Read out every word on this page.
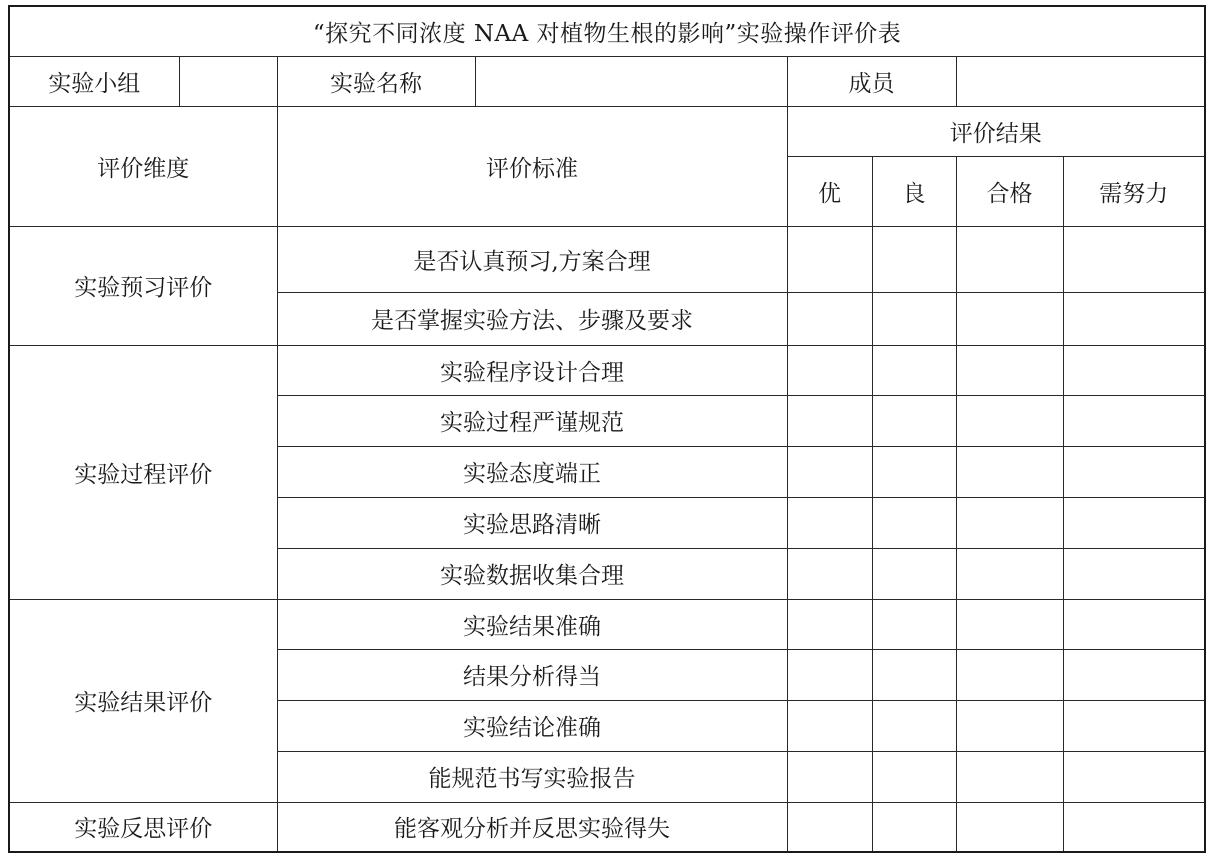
“探究不同浓度 NAA 对植物生根的影响”实验操作评价表							
实验小组		实验名称		成员			
评价维度		评价标准		评价结果			
				优	良	合格	需努力
实验预习评价		是否认真预习,方案合理					
		是否掌握实验方法、步骤及要求					
实验过程评价		实验程序设计合理					
		实验过程严谨规范					
		实验态度端正					
		实验思路清晰					
		实验数据收集合理					
实验结果评价		实验结果准确					
		结果分析得当					
		实验结论准确					
		能规范书写实验报告					
实验反思评价		能客观分析并反思实验得失					
